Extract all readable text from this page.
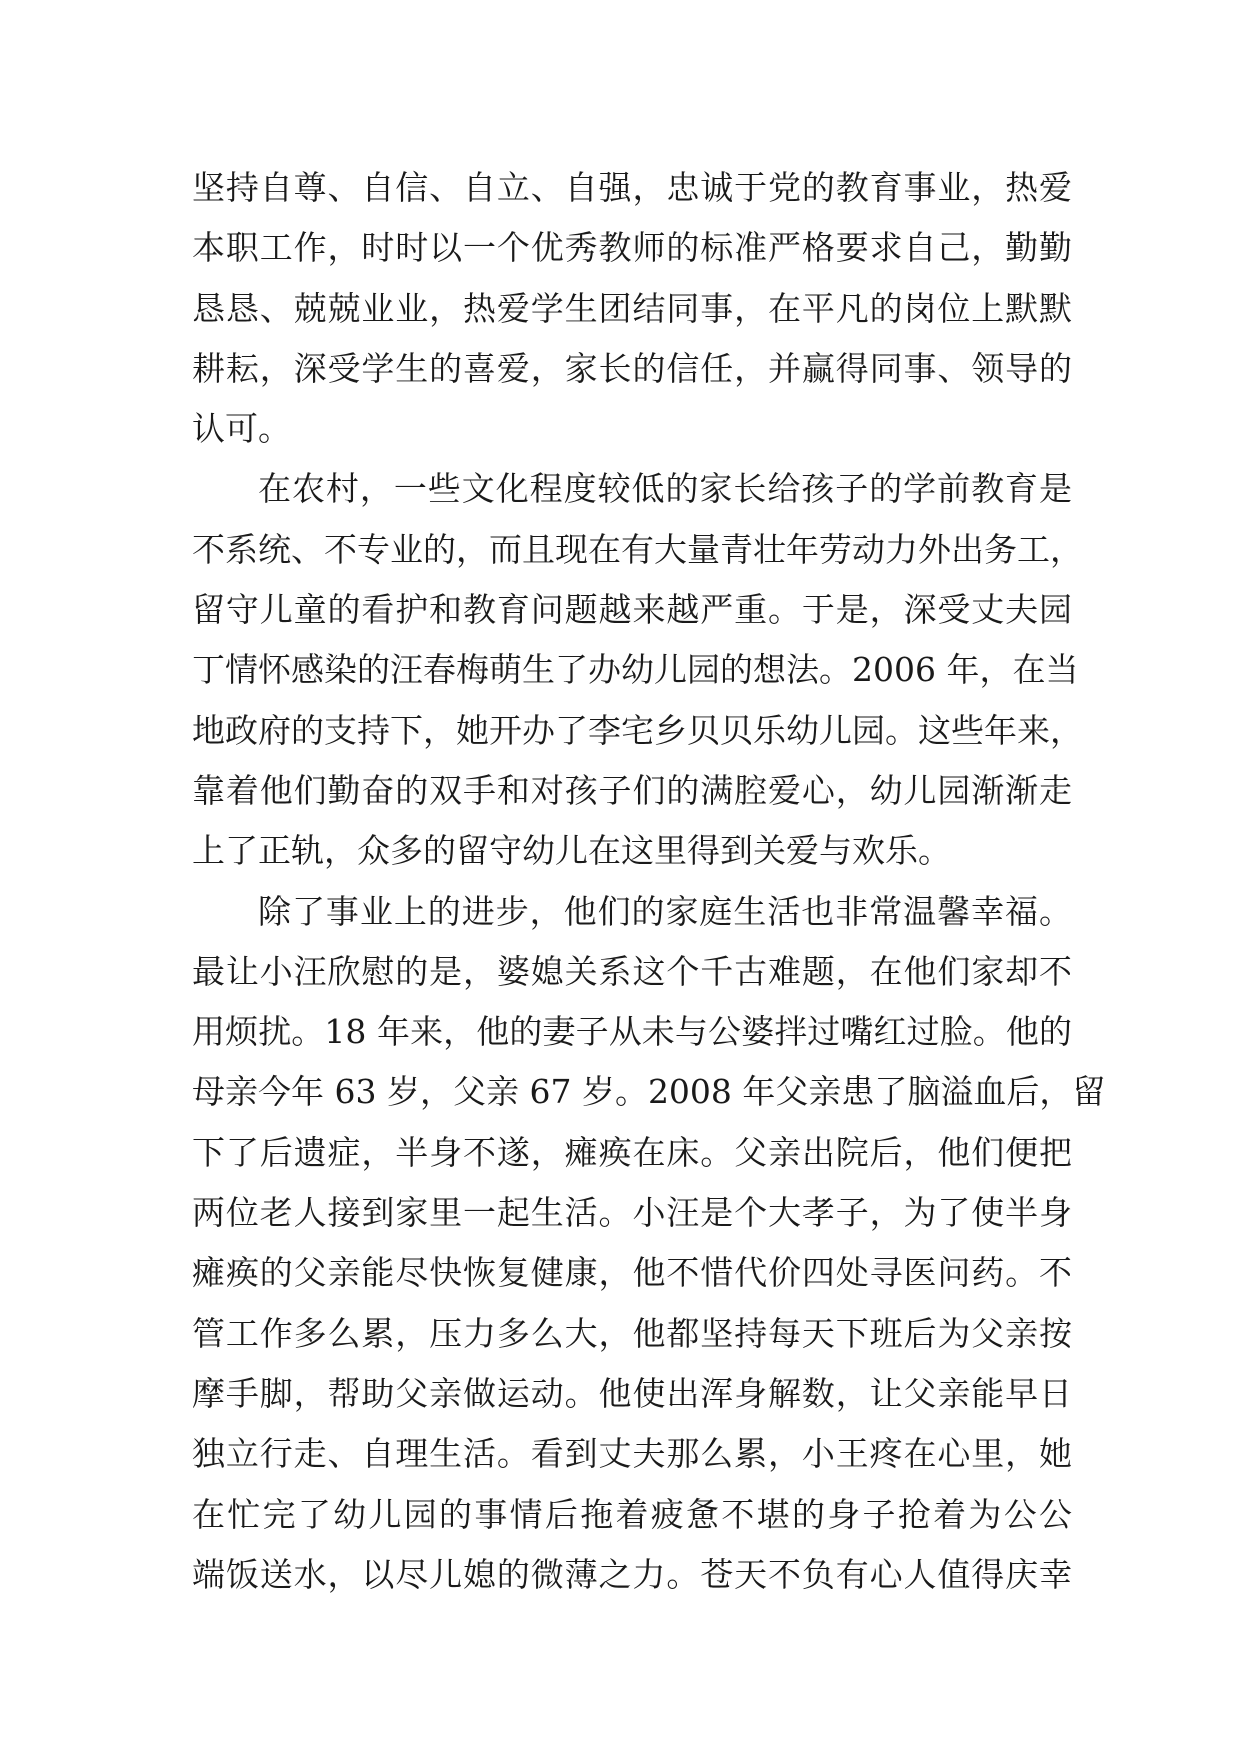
坚持自尊、自信、自立、自强，忠诚于党的教育事业，热爱
本职工作，时时以一个优秀教师的标准严格要求自己，勤勤
恳恳、兢兢业业，热爱学生团结同事，在平凡的岗位上默默
耕耘，深受学生的喜爱，家长的信任，并赢得同事、领导的
认可。
在农村，一些文化程度较低的家长给孩子的学前教育是
不系统、不专业的，而且现在有大量青壮年劳动力外出务工，
留守儿童的看护和教育问题越来越严重。于是，深受丈夫园
丁情怀感染的汪春梅萌生了办幼儿园的想法。2006 年，在当
地政府的支持下，她开办了李宅乡贝贝乐幼儿园。这些年来，
靠着他们勤奋的双手和对孩子们的满腔爱心，幼儿园渐渐走
上了正轨，众多的留守幼儿在这里得到关爱与欢乐。
除了事业上的进步，他们的家庭生活也非常温馨幸福。
最让小汪欣慰的是，婆媳关系这个千古难题，在他们家却不
用烦扰。18 年来，他的妻子从未与公婆拌过嘴红过脸。他的
母亲今年 63 岁，父亲 67 岁。2008 年父亲患了脑溢血后，留
下了后遗症，半身不遂，瘫痪在床。父亲出院后，他们便把
两位老人接到家里一起生活。小汪是个大孝子，为了使半身
瘫痪的父亲能尽快恢复健康，他不惜代价四处寻医问药。不
管工作多么累，压力多么大，他都坚持每天下班后为父亲按
摩手脚，帮助父亲做运动。他使出浑身解数，让父亲能早日
独立行走、自理生活。看到丈夫那么累，小王疼在心里，她
在忙完了幼儿园的事情后拖着疲惫不堪的身子抢着为公公
端饭送水，以尽儿媳的微薄之力。苍天不负有心人值得庆幸
